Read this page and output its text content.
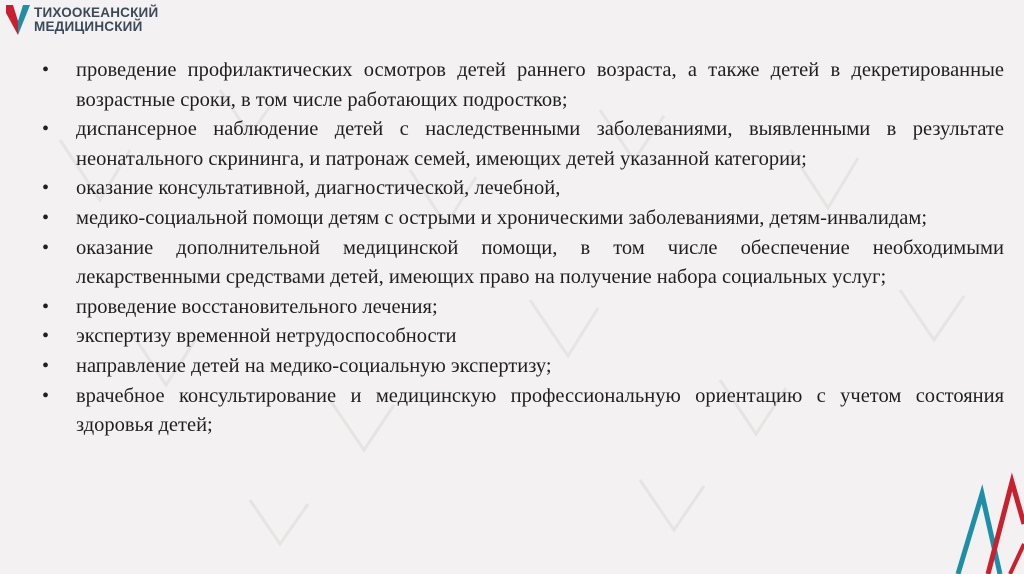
ТИХООКЕАНСКИЙ
МЕДИЦИНСКИЙ
• проведение профилактических осмотров детей раннего возраста, а также детей в декретированные возрастные сроки, в том числе работающих подростков;
• диспансерное наблюдение детей с наследственными заболеваниями, выявленными в результате неонатального скрининга, и патронаж семей, имеющих детей указанной категории;
• оказание консультативной, диагностической, лечебной,
• медико-социальной помощи детям с острыми и хроническими заболеваниями, детям-инвалидам;
• оказание дополнительной медицинской помощи, в том числе обеспечение необходимыми лекарственными средствами детей, имеющих право на получение набора социальных услуг;
• проведение восстановительного лечения;
• экспертизу временной нетрудоспособности
• направление детей на медико-социальную экспертизу;
• врачебное консультирование и медицинскую профессиональную ориентацию с учетом состояния здоровья детей;
